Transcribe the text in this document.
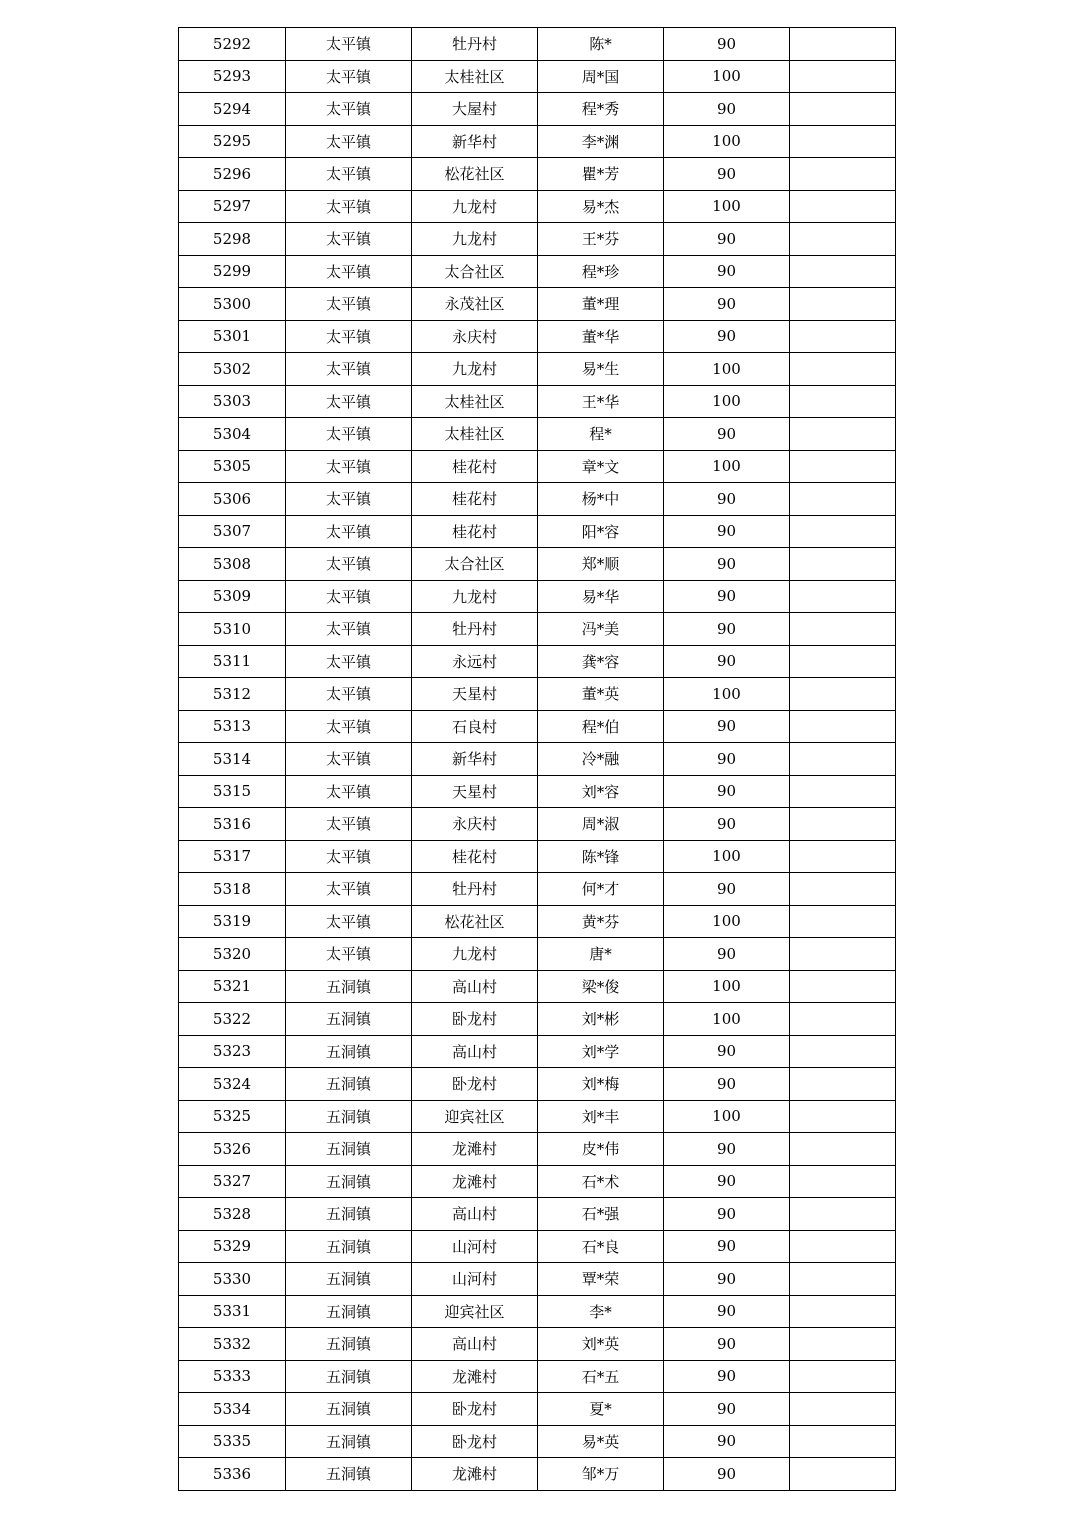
5292	太平镇	牡丹村	陈*	90	
5293	太平镇	太桂社区	周*国	100	
5294	太平镇	大屋村	程*秀	90	
5295	太平镇	新华村	李*渊	100	
5296	太平镇	松花社区	瞿*芳	90	
5297	太平镇	九龙村	易*杰	100	
5298	太平镇	九龙村	王*芬	90	
5299	太平镇	太合社区	程*珍	90	
5300	太平镇	永茂社区	董*理	90	
5301	太平镇	永庆村	董*华	90	
5302	太平镇	九龙村	易*生	100	
5303	太平镇	太桂社区	王*华	100	
5304	太平镇	太桂社区	程*	90	
5305	太平镇	桂花村	章*文	100	
5306	太平镇	桂花村	杨*中	90	
5307	太平镇	桂花村	阳*容	90	
5308	太平镇	太合社区	郑*顺	90	
5309	太平镇	九龙村	易*华	90	
5310	太平镇	牡丹村	冯*美	90	
5311	太平镇	永远村	龚*容	90	
5312	太平镇	天星村	董*英	100	
5313	太平镇	石良村	程*伯	90	
5314	太平镇	新华村	冷*融	90	
5315	太平镇	天星村	刘*容	90	
5316	太平镇	永庆村	周*淑	90	
5317	太平镇	桂花村	陈*锋	100	
5318	太平镇	牡丹村	何*才	90	
5319	太平镇	松花社区	黄*芬	100	
5320	太平镇	九龙村	唐*	90	
5321	五洞镇	高山村	梁*俊	100	
5322	五洞镇	卧龙村	刘*彬	100	
5323	五洞镇	高山村	刘*学	90	
5324	五洞镇	卧龙村	刘*梅	90	
5325	五洞镇	迎宾社区	刘*丰	100	
5326	五洞镇	龙滩村	皮*伟	90	
5327	五洞镇	龙滩村	石*术	90	
5328	五洞镇	高山村	石*强	90	
5329	五洞镇	山河村	石*良	90	
5330	五洞镇	山河村	覃*荣	90	
5331	五洞镇	迎宾社区	李*	90	
5332	五洞镇	高山村	刘*英	90	
5333	五洞镇	龙滩村	石*五	90	
5334	五洞镇	卧龙村	夏*	90	
5335	五洞镇	卧龙村	易*英	90	
5336	五洞镇	龙滩村	邹*万	90	
